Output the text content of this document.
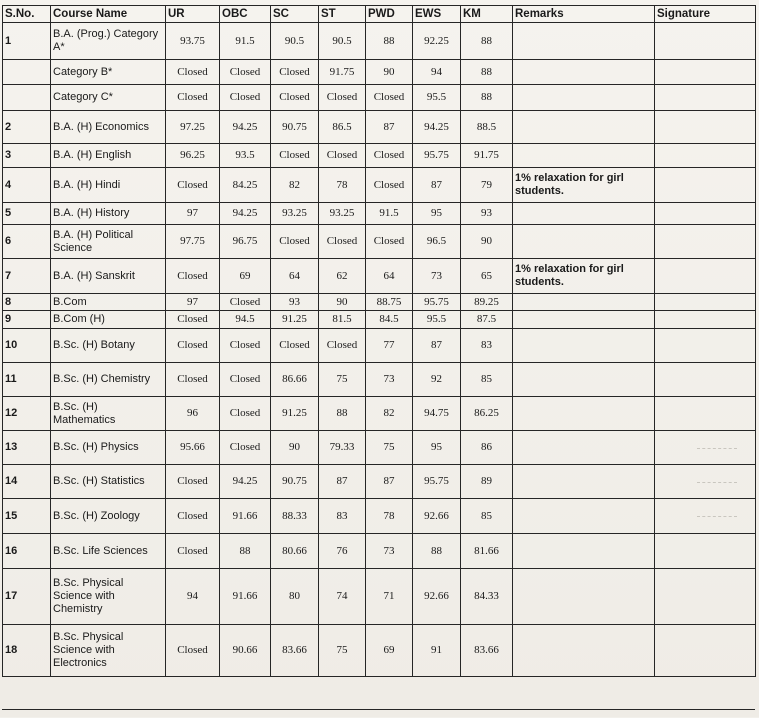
S.No.	Course Name	UR	OBC	SC	ST	PWD	EWS	KM	Remarks	Signature
1	B.A. (Prog.) Category A*	93.75	91.5	90.5	90.5	88	92.25	88		
	Category B*	Closed	Closed	Closed	91.75	90	94	88		
	Category C*	Closed	Closed	Closed	Closed	Closed	95.5	88		
2	B.A. (H) Economics	97.25	94.25	90.75	86.5	87	94.25	88.5		
3	B.A. (H) English	96.25	93.5	Closed	Closed	Closed	95.75	91.75		
4	B.A. (H) Hindi	Closed	84.25	82	78	Closed	87	79	1% relaxation for girl students.	
5	B.A. (H) History	97	94.25	93.25	93.25	91.5	95	93		
6	B.A. (H) Political Science	97.75	96.75	Closed	Closed	Closed	96.5	90		
7	B.A. (H) Sanskrit	Closed	69	64	62	64	73	65	1% relaxation for girl students.	
8	B.Com	97	Closed	93	90	88.75	95.75	89.25		
9	B.Com (H)	Closed	94.5	91.25	81.5	84.5	95.5	87.5		
10	B.Sc. (H) Botany	Closed	Closed	Closed	Closed	77	87	83		
11	B.Sc. (H) Chemistry	Closed	Closed	86.66	75	73	92	85		
12	B.Sc. (H) Mathematics	96	Closed	91.25	88	82	94.75	86.25		
13	B.Sc. (H) Physics	95.66	Closed	90	79.33	75	95	86		

14	B.Sc. (H) Statistics	Closed	94.25	90.75	87	87	95.75	89		

15	B.Sc. (H) Zoology	Closed	91.66	88.33	83	78	92.66	85		

16	B.Sc. Life Sciences	Closed	88	80.66	76	73	88	81.66		
17	B.Sc. Physical Science with Chemistry	94	91.66	80	74	71	92.66	84.33		
18	B.Sc. Physical Science with Electronics	Closed	90.66	83.66	75	69	91	83.66		
